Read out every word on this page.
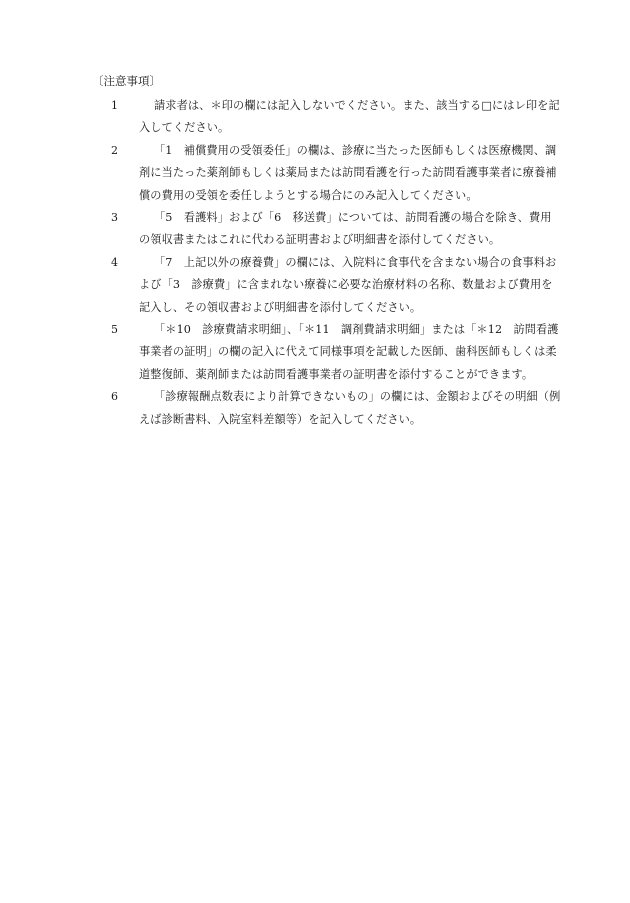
〔注意事項〕
1	請求者は、＊印の欄には記入しないでください。また、該当する□にはレ印を記入してください。
2	「1　補償費用の受領委任」の欄は、診療に当たった医師もしくは医療機関、調剤に当たった薬剤師もしくは薬局または訪問看護を行った訪問看護事業者に療養補償の費用の受領を委任しようとする場合にのみ記入してください。
3	「5　看護料」および「6　移送費」については、訪問看護の場合を除き、費用の領収書またはこれに代わる証明書および明細書を添付してください。
4	「7　上記以外の療養費」の欄には、入院料に食事代を含まない場合の食事料および「3　診療費」に含まれない療養に必要な治療材料の名称、数量および費用を記入し、その領収書および明細書を添付してください。
5	「＊10　診療費請求明細」、「＊11　調剤費請求明細」または「＊12　訪問看護事業者の証明」の欄の記入に代えて同様事項を記載した医師、歯科医師もしくは柔道整復師、薬剤師または訪問看護事業者の証明書を添付することができます。
6	「診療報酬点数表により計算できないもの」の欄には、金額およびその明細（例えば診断書料、入院室料差額等）を記入してください。
